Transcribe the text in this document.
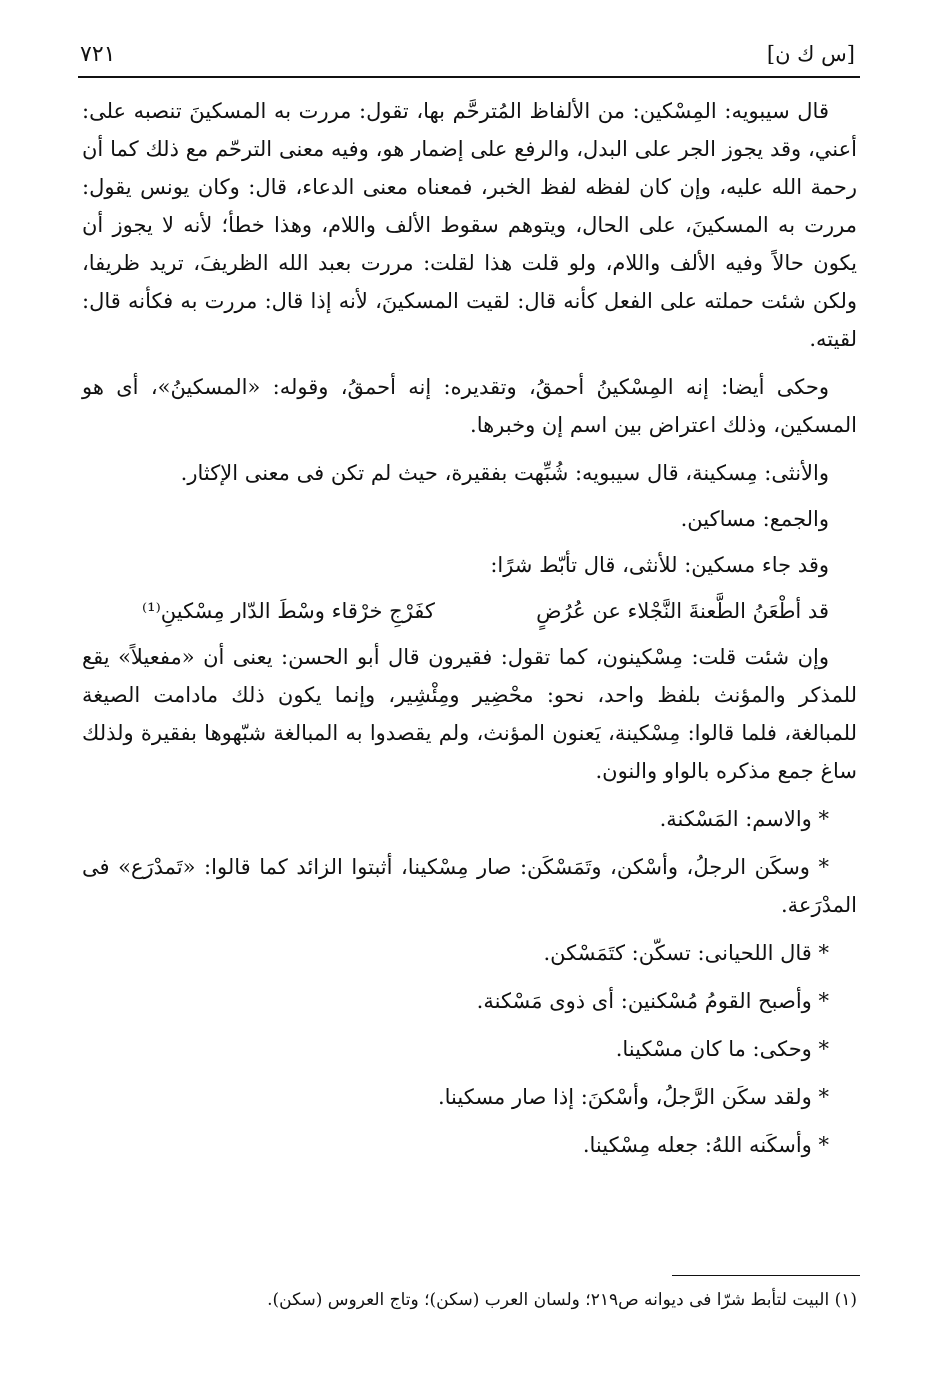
[س ك ن]
٧٢١

قال سيبويه: المِسْكين: من الألفاظ المُترحَّم بها، تقول: مررت به المسكينَ تنصبه على: أعني، وقد يجوز الجر على البدل، والرفع على إضمار هو، وفيه معنى الترحّم مع ذلك كما أن رحمة الله عليه، وإن كان لفظه لفظ الخبر، فمعناه معنى الدعاء، قال: وكان يونس يقول: مررت به المسكينَ، على الحال، ويتوهم سقوط الألف واللام، وهذا خطأ؛ لأنه لا يجوز أن يكون حالاً وفيه الألف واللام، ولو قلت هذا لقلت: مررت بعبد الله الظريفَ، تريد ظريفا، ولكن شئت حملته على الفعل كأنه قال: لقيت المسكينَ، لأنه إذا قال: مررت به فكأنه قال: لقيته.

وحكى أيضا: إنه المِسْكينُ أحمقُ، وتقديره: إنه أحمقُ، وقوله: «المسكينُ»، أى هو المسكين، وذلك اعتراض بين اسم إن وخبرها.

والأنثى: مِسكينة، قال سيبويه: شُبِّهت بفقيرة، حيث لم تكن فى معنى الإكثار.

والجمع: مساكين.

وقد جاء مسكين: للأنثى، قال تأبّط شرًا:

قد أطْعَنُ الطَّعنةَ النَّجْلاء عن عُرُضٍ
كفَرْجِ خرْقاء وسْطَ الدّار مِسْكينِ⁽¹⁾

وإن شئت قلت: مِسْكينون، كما تقول: فقيرون قال أبو الحسن: يعنى أن «مفعيلاً» يقع للمذكر والمؤنث بلفظ واحد، نحو: محْضِير ومِئْشِير، وإنما يكون ذلك مادامت الصيغة للمبالغة، فلما قالوا: مِسْكينة، يَعنون المؤنث، ولم يقصدوا به المبالغة شبّهوها بفقيرة ولذلك ساغ جمع مذكره بالواو والنون.

* والاسم: المَسْكنة.

* وسكَن الرجلُ، وأسْكن، وتَمَسْكَن: صار مِسْكينا، أثبتوا الزائد كما قالوا: «تَمدْرَع» فى المدْرَعة.

* قال اللحيانى: تسكّن: كتَمَسْكن.

* وأصبح القومُ مُسْكنين: أى ذوى مَسْكنة.

* وحكى: ما كان مسْكينا.

* ولقد سكَن الرَّجلُ، وأسْكنَ: إذا صار مسكينا.

* وأسكَنه اللهُ: جعله مِسْكينا.

(١) البيت لتأبط شرّا فى ديوانه ص٢١٩؛ ولسان العرب (سكن)؛ وتاج العروس (سكن).
